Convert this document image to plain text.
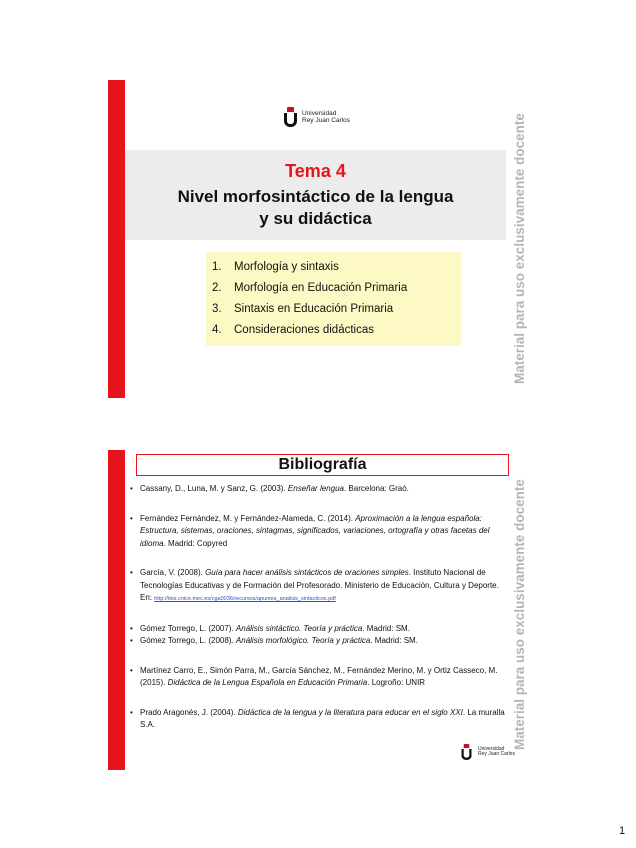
Universidad
Rey Juan Carlos
Tema 4
Nivel morfosintáctico de la lengua
y su didáctica
1.	Morfología y sintaxis
2.	Morfología en Educación Primaria
3.	Sintaxis en Educación Primaria
4.	Consideraciones didácticas	Material para uso exclusivamente docente
Bibliografía
• Cassany, D., Luna, M. y Sanz, G. (2003). Enseñar lengua. Barcelona: Graó.
• Fernández Fernández, M. y Fernández-Alameda, C. (2014). Aproximación a la lengua española: Estructura, sistemas, oraciones, sintagmas, significados, variaciones, ortografía y otras facetas del idioma. Madrid: Copyred
• García, V. (2008). Guía para hacer análisis sintácticos de oraciones simples. Instituto Nacional de Tecnologías Educativas y de Formación del Profesorado. Ministerio de Educación, Cultura y Deporte. En: http://ites.cnice.mec.es/cga0036/recursos/apuntes_analisis_sintacticos.pdf
• Gómez Torrego, L. (2007). Análisis sintáctico. Teoría y práctica. Madrid: SM.
• Gómez Torrego, L. (2008). Análisis morfológico. Teoría y práctica. Madrid: SM.
• Martínez Carro, E., Simón Parra, M., García Sánchez, M., Fernández Merino, M. y Ortiz Casseco, M. (2015). Didáctica de la Lengua Española en Educación Primaria. Logroño: UNIR
• Prado Aragonés, J. (2004). Didáctica de la lengua y la literatura para educar en el siglo XXI. La muralla S.A.
Universidad
Rey Juan Carlos
Material para uso exclusivamente docente
1
